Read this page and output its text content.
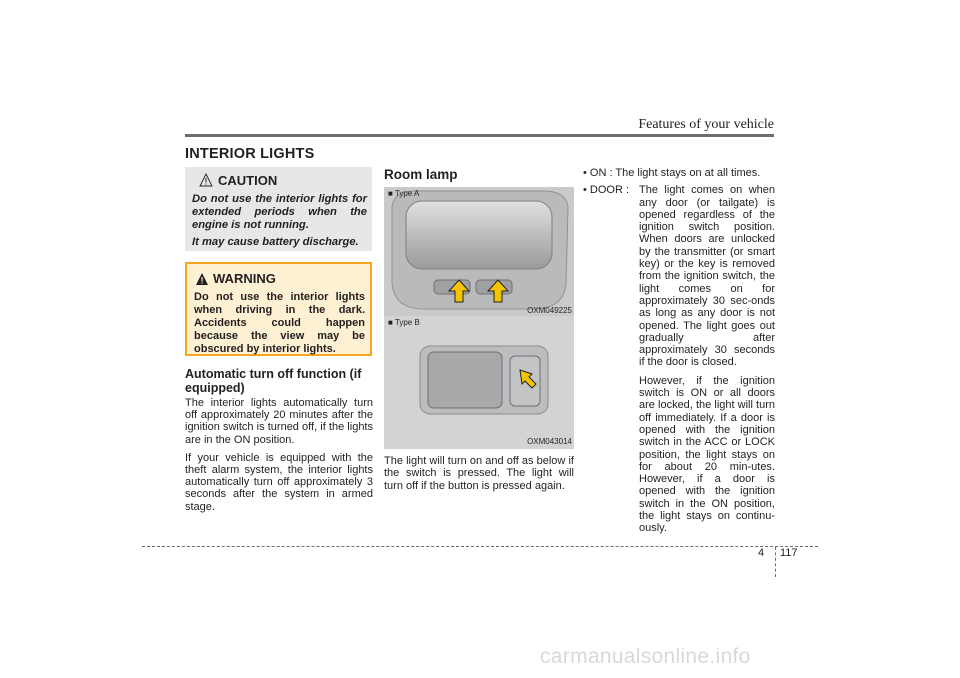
Features of your vehicle
INTERIOR LIGHTS
CAUTION

Do not use the interior lights for extended periods when the engine is not running.

It may cause battery discharge.

WARNING
Do not use the interior lights when driving in the dark. Accidents could happen because the view may be obscured by interior lights.
Automatic turn off function (if equipped)

The interior lights automatically turn off approximately 20 minutes after the ignition switch is turned off, if the lights are in the ON position.

If your vehicle is equipped with the theft alarm system, the interior lights automatically turn off approximately 3 seconds after the system in armed stage.

Room lamp
■ Type A
OXM049225
■ Type B
OXM043014
The light will turn on and off as below if the switch is pressed. The light will turn off if the button is pressed again.
• ON : The light stays on at all times.
• DOOR : The light comes on when any door (or tailgate) is opened regardless of the ignition switch position. When doors are unlocked by the transmitter (or smart key) or the key is removed from the ignition switch, the light comes on for approximately 30 sec-onds as long as any door is not opened. The light goes out gradually after approximately 30 seconds if the door is closed.

However, if the ignition switch is ON or all doors are locked, the light will turn off immediately. If a door is opened with the ignition switch in the ACC or LOCK position, the light stays on for about 20 min-utes. However, if a door is opened with the ignition switch in the ON position, the light stays on continu-ously.

4 117
carmanualsonline.info
